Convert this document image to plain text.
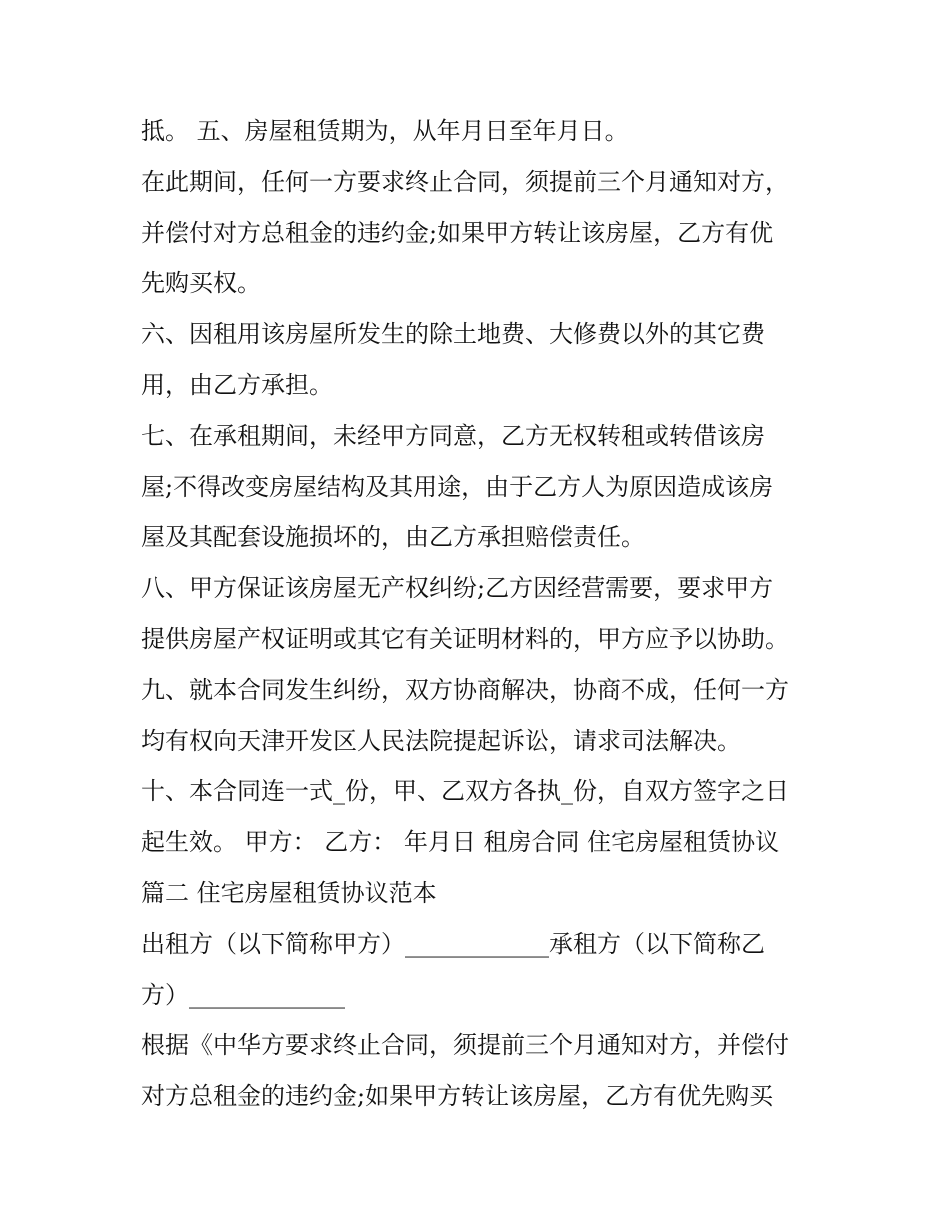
抵。 五、房屋租赁期为，从年月日至年月日。
在此期间，任何一方要求终止合同，须提前三个月通知对方，
并偿付对方总租金的违约金;如果甲方转让该房屋，乙方有优
先购买权。
六、因租用该房屋所发生的除土地费、大修费以外的其它费
用，由乙方承担。
七、在承租期间，未经甲方同意，乙方无权转租或转借该房
屋;不得改变房屋结构及其用途，由于乙方人为原因造成该房
屋及其配套设施损坏的，由乙方承担赔偿责任。
八、甲方保证该房屋无产权纠纷;乙方因经营需要，要求甲方
提供房屋产权证明或其它有关证明材料的，甲方应予以协助。
九、就本合同发生纠纷，双方协商解决，协商不成，任何一方
均有权向天津开发区人民法院提起诉讼，请求司法解决。
十、本合同连一式_份，甲、乙双方各执_份，自双方签字之日
起生效。 甲方： 乙方： 年月日 租房合同 住宅房屋租赁协议
篇二 住宅房屋租赁协议范本
出租方（以下简称甲方）____________承租方（以下简称乙
方）_____________
根据《中华方要求终止合同，须提前三个月通知对方，并偿付
对方总租金的违约金;如果甲方转让该房屋，乙方有优先购买
